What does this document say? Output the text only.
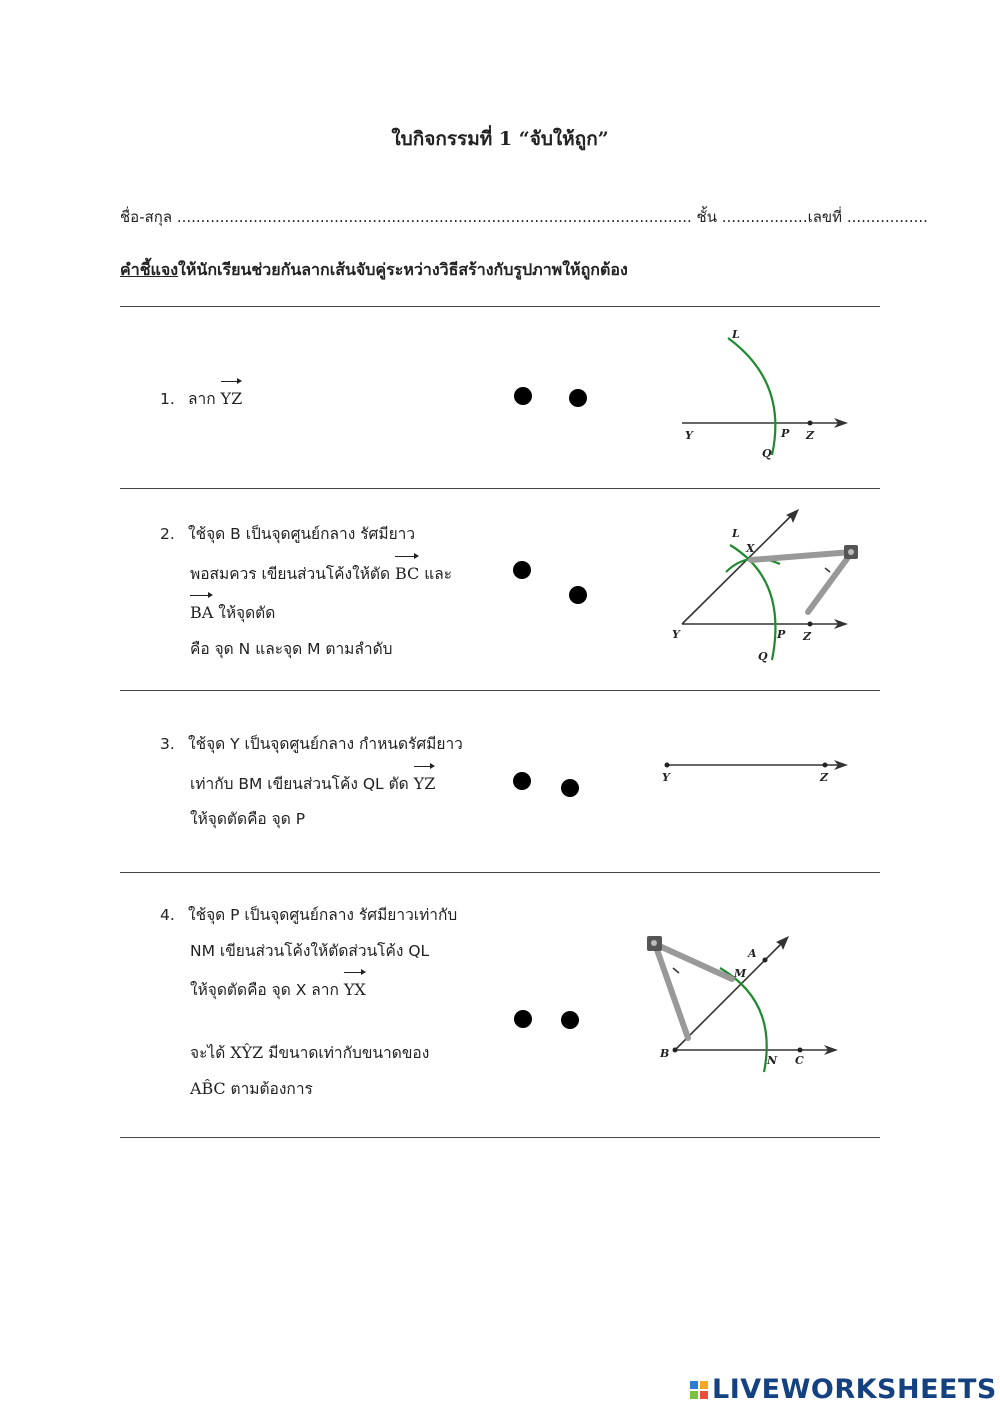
ใบกิจกรรมที่ 1 “จับให้ถูก”
ชื่อ-สกุล ............................................................................................................ ชั้น ..................เลขที่ .................
คำชี้แจงให้นักเรียนช่วยกันลากเส้นจับคู่ระหว่างวิธีสร้างกับรูปภาพให้ถูกต้อง
1. ลาก YZ
2. ใช้จุด B เป็นจุดศูนย์กลาง รัศมียาว
พอสมควร เขียนส่วนโค้งให้ตัด BC และ
BA ให้จุดตัด
คือ จุด N และจุด M ตามลำดับ
3. ใช้จุด Y เป็นจุดศูนย์กลาง กำหนดรัศมียาว
เท่ากับ BM เขียนส่วนโค้ง QL ตัด YZ
ให้จุดตัดคือ จุด P
4. ใช้จุด P เป็นจุดศูนย์กลาง รัศมียาวเท่ากับ
NM เขียนส่วนโค้งให้ตัดส่วนโค้ง QL
ให้จุดตัดคือ จุด X ลาก YX
จะได้ XŶZ มีขนาดเท่ากับขนาดของ
AB̂C ตามต้องการ
L
Y	P Z
Q
L
X
Y	P Z
Q
Y	Z
A
M
B
N C
LIVEWORKSHEETS
